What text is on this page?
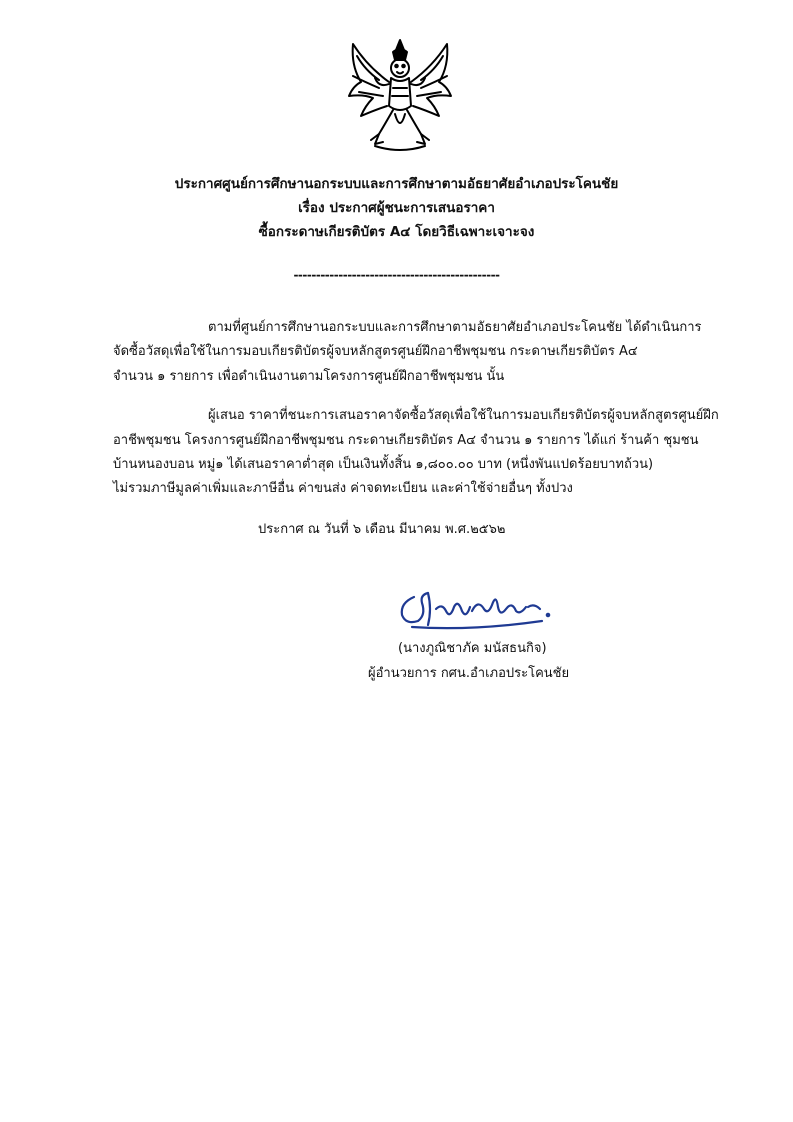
ประกาศศูนย์การศึกษานอกระบบและการศึกษาตามอัธยาศัยอำเภอประโคนชัย
เรื่อง ประกาศผู้ชนะการเสนอราคา
ซื้อกระดาษเกียรติบัตร A๔ โดยวิธีเฉพาะเจาะจง
----------------------------------------------
ตามที่ศูนย์การศึกษานอกระบบและการศึกษาตามอัธยาศัยอำเภอประโคนชัย ได้ดำเนินการ
จัดซื้อวัสดุเพื่อใช้ในการมอบเกียรติบัตรผู้จบหลักสูตรศูนย์ฝึกอาชีพชุมชน กระดาษเกียรติบัตร A๔
จำนวน ๑ รายการ เพื่อดำเนินงานตามโครงการศูนย์ฝึกอาชีพชุมชน นั้น
ผู้เสนอ ราคาที่ชนะการเสนอราคาจัดซื้อวัสดุเพื่อใช้ในการมอบเกียรติบัตรผู้จบหลักสูตรศูนย์ฝึก
อาชีพชุมชน โครงการศูนย์ฝึกอาชีพชุมชน กระดาษเกียรติบัตร A๔ จำนวน ๑ รายการ ได้แก่ ร้านค้า ชุมชน
บ้านหนองบอน หมู่๑ ได้เสนอราคาต่ำสุด เป็นเงินทั้งสิ้น ๑,๘๐๐.๐๐ บาท (หนึ่งพันแปดร้อยบาทถ้วน)
ไม่รวมภาษีมูลค่าเพิ่มและภาษีอื่น ค่าขนส่ง ค่าจดทะเบียน และค่าใช้จ่ายอื่นๆ ทั้งปวง
ประกาศ ณ วันที่ ๖ เดือน มีนาคม พ.ศ.๒๕๖๒
(นางภูณิชาภัค มนัสธนกิจ)
ผู้อำนวยการ กศน.อำเภอประโคนชัย
